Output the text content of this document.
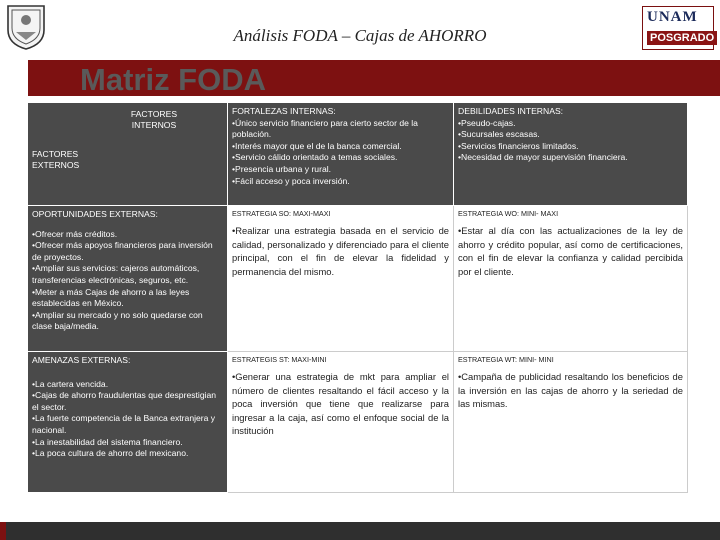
Análisis FODA – Cajas de AHORRO
UNAM
POSGRADO
Matriz FODA
FACTORES INTERNOS
FACTORES EXTERNOS
FORTALEZAS INTERNAS:
•Único servicio financiero para cierto sector de la población.
•Interés mayor que el de la banca comercial.
•Servicio cálido orientado a temas sociales.
•Presencia urbana y rural.
•Fácil acceso y poca inversión.
DEBILIDADES INTERNAS:
•Pseudo-cajas.
•Sucursales escasas.
•Servicios financieros limitados.
•Necesidad de mayor supervisión financiera.
OPORTUNIDADES EXTERNAS:
•Ofrecer más créditos.
•Ofrecer más apoyos financieros para inversión de proyectos.
•Ampliar sus servicios: cajeros automáticos, transferencias electrónicas, seguros, etc.
•Meter a más Cajas de ahorro a las leyes establecidas en México.
•Ampliar su mercado y no solo quedarse con clase baja/media.
ESTRATEGIA SO: MAXI-MAXI
•Realizar una estrategia basada en el servicio de calidad, personalizado y diferenciado para el cliente principal, con el fin de elevar la fidelidad y permanencia del mismo.
ESTRATEGIA WO: MINI- MAXI
•Estar al día con las actualizaciones de la ley de ahorro y crédito popular, así como de certificaciones, con el fin de elevar la confianza y calidad percibida por el cliente.
AMENAZAS EXTERNAS:
•La cartera vencida.
•Cajas de ahorro fraudulentas que desprestigian el sector.
•La fuerte competencia de la Banca extranjera y nacional.
•La inestabilidad del sistema financiero.
•La poca cultura de ahorro del mexicano.
ESTRATEGIS ST: MAXI-MINI
•Generar una estrategia de mkt para ampliar el número de clientes resaltando el fácil acceso y la poca inversión que tiene que realizarse para ingresar a la caja, así como el enfoque social de la institución
ESTRATEGIA WT: MINI- MINI
•Campaña de publicidad resaltando los beneficios de la inversión en las cajas de ahorro y la seriedad de las mismas.
